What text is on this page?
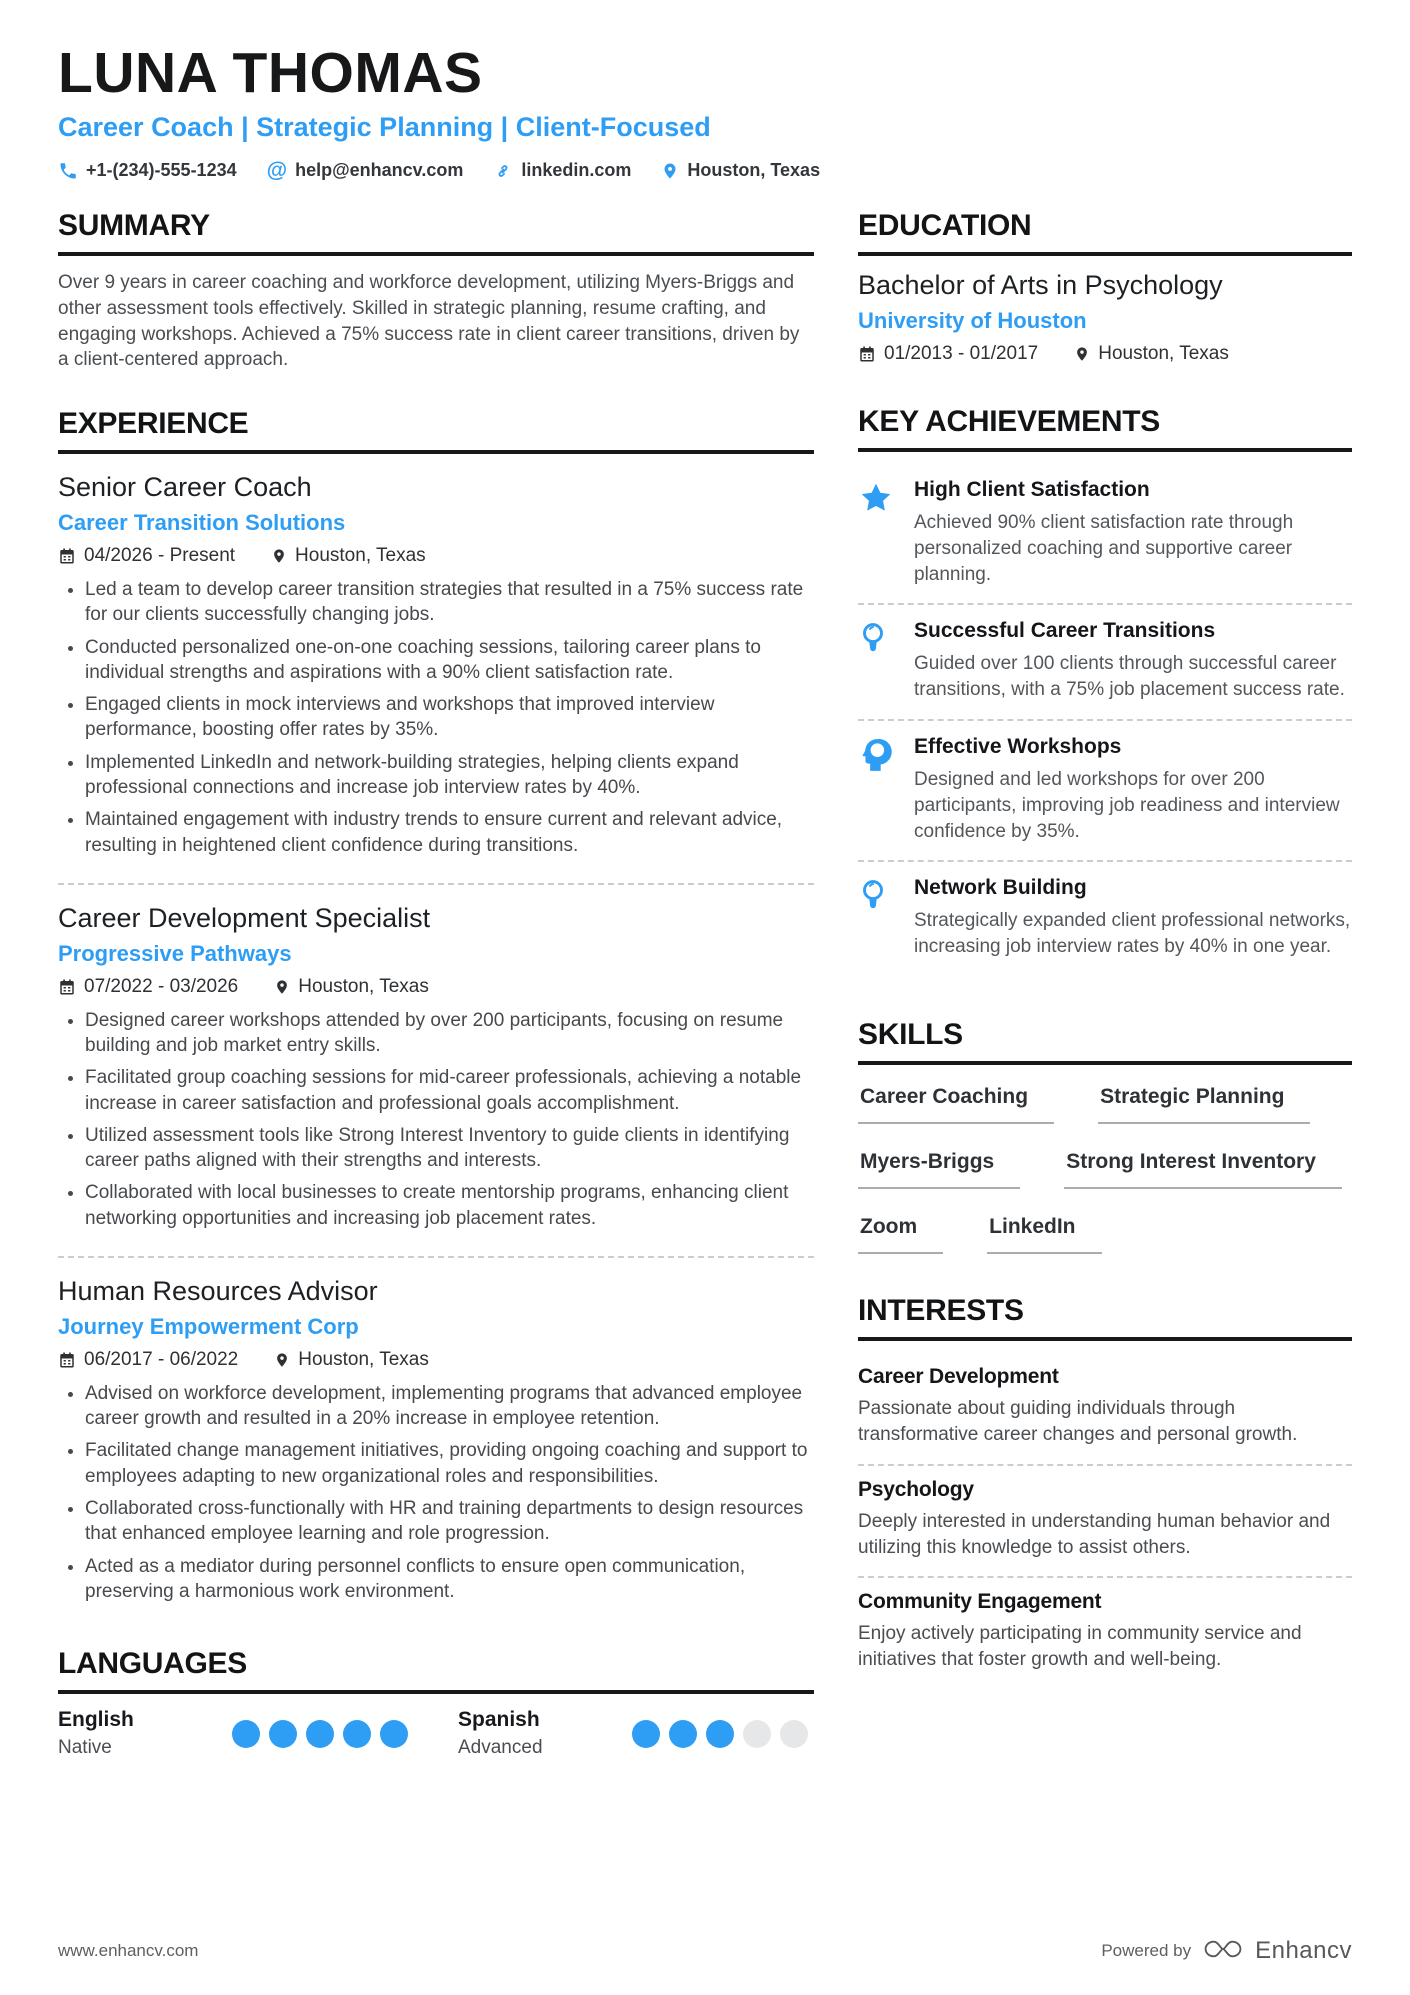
LUNA THOMAS
Career Coach | Strategic Planning | Client-Focused
+1-(234)-555-1234 @ help@enhancv.com	linkedin.com	Houston, Texas
SUMMARY

Over 9 years in career coaching and workforce development, utilizing Myers-Briggs and other assessment tools effectively. Skilled in strategic planning, resume crafting, and engaging workshops. Achieved a 75% success rate in client career transitions, driven by a client-centered approach.

EXPERIENCE
Senior Career Coach
Career Transition Solutions
04/2026 - Present	Houston, Texas
• Led a team to develop career transition strategies that resulted in a 75% success rate for our clients successfully changing jobs.
• Conducted personalized one-on-one coaching sessions, tailoring career plans to individual strengths and aspirations with a 90% client satisfaction rate.
• Engaged clients in mock interviews and workshops that improved interview performance, boosting offer rates by 35%.
• Implemented LinkedIn and network-building strategies, helping clients expand professional connections and increase job interview rates by 40%.
• Maintained engagement with industry trends to ensure current and relevant advice, resulting in heightened client confidence during transitions.
Career Development Specialist
Progressive Pathways
07/2022 - 03/2026	Houston, Texas
• Designed career workshops attended by over 200 participants, focusing on resume building and job market entry skills.
• Facilitated group coaching sessions for mid-career professionals, achieving a notable increase in career satisfaction and professional goals accomplishment.
• Utilized assessment tools like Strong Interest Inventory to guide clients in identifying career paths aligned with their strengths and interests.
• Collaborated with local businesses to create mentorship programs, enhancing client networking opportunities and increasing job placement rates.
Human Resources Advisor
Journey Empowerment Corp
06/2017 - 06/2022	Houston, Texas
• Advised on workforce development, implementing programs that advanced employee career growth and resulted in a 20% increase in employee retention.
• Facilitated change management initiatives, providing ongoing coaching and support to employees adapting to new organizational roles and responsibilities.
• Collaborated cross-functionally with HR and training departments to design resources that enhanced employee learning and role progression.
• Acted as a mediator during personnel conflicts to ensure open communication, preserving a harmonious work environment.
LANGUAGES
English
Native
Spanish
Advanced
EDUCATION
Bachelor of Arts in Psychology
University of Houston
01/2013 - 01/2017	Houston, Texas
KEY ACHIEVEMENTS
High Client Satisfaction
Achieved 90% client satisfaction rate through personalized coaching and supportive career planning.
Successful Career Transitions
Guided over 100 clients through successful career transitions, with a 75% job placement success rate.
Effective Workshops
Designed and led workshops for over 200 participants, improving job readiness and interview confidence by 35%.
Network Building
Strategically expanded client professional networks, increasing job interview rates by 40% in one year.
SKILLS
Career Coaching	Strategic Planning
Myers-Briggs	Strong Interest Inventory
Zoom	LinkedIn
INTERESTS
Career Development
Passionate about guiding individuals through transformative career changes and personal growth.
Psychology
Deeply interested in understanding human behavior and utilizing this knowledge to assist others.
Community Engagement
Enjoy actively participating in community service and initiatives that foster growth and well-being.
www.enhancv.com	Powered by	Enhancv
